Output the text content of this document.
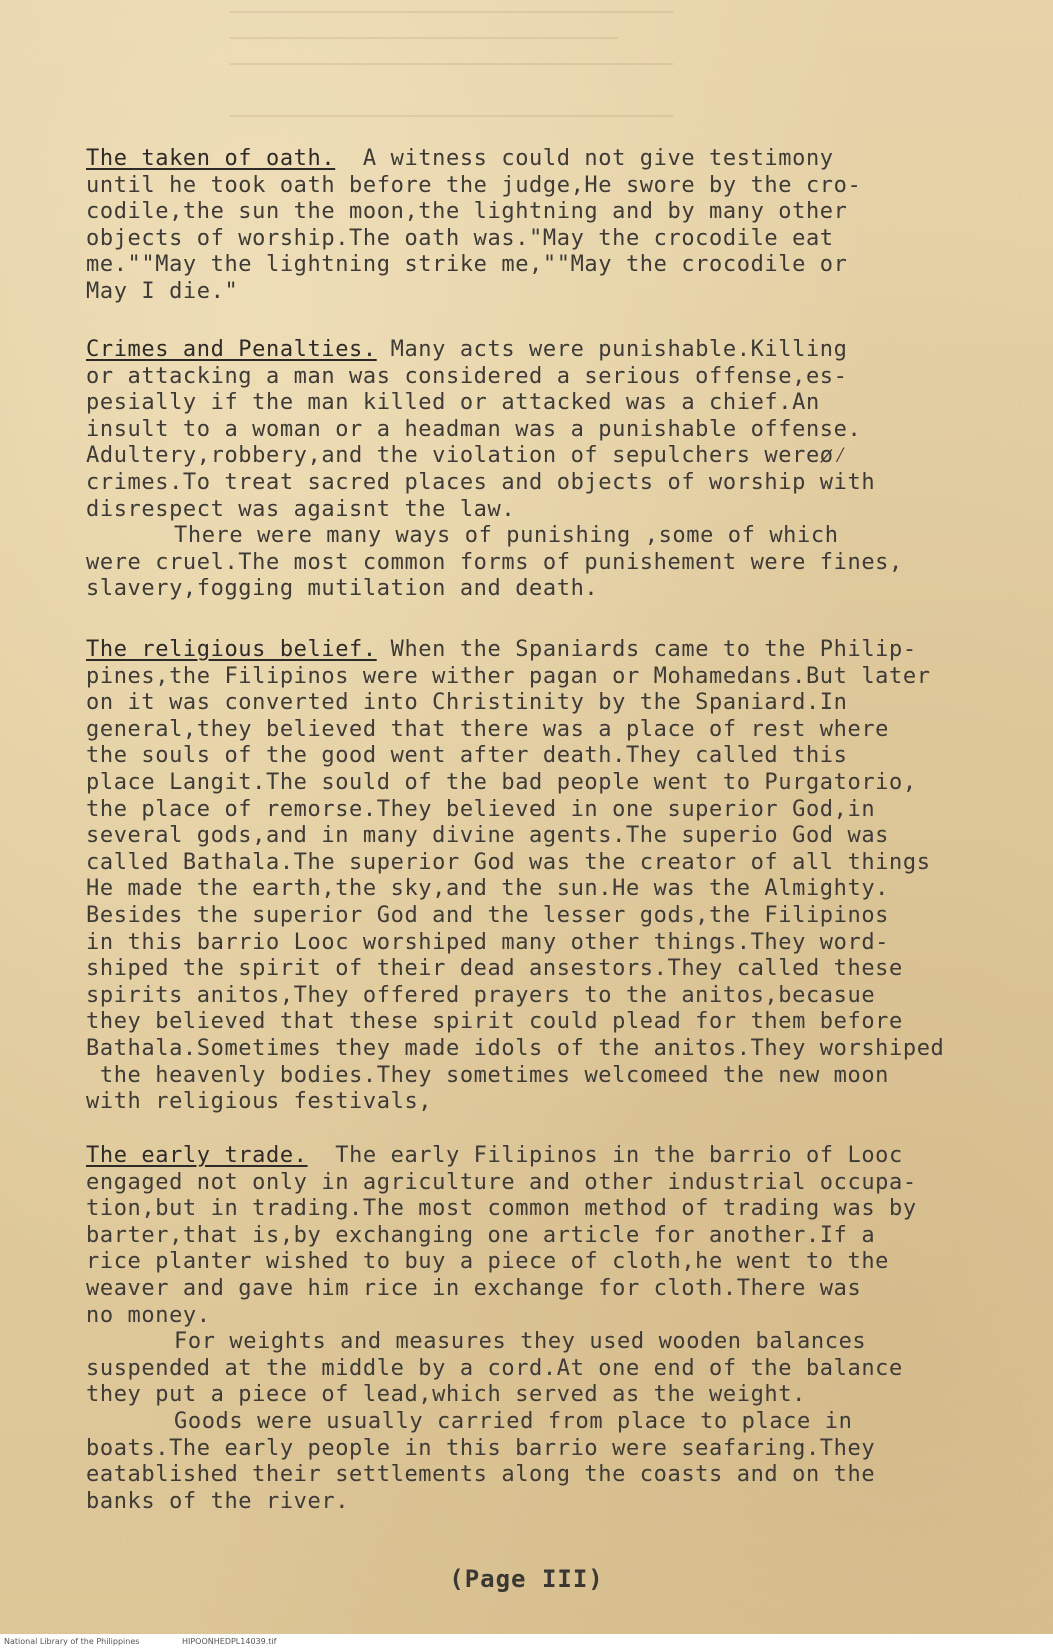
────────────────────────────────
────────────────────────────
────────────────────────────────

────────────────────────────────
The taken of oath.  A witness could not give testimony
until he took oath before the judge,He swore by the cro-
codile,the sun the moon,the lightning and by many other
objects of worship.The oath was."May the crocodile eat
me.""May the lightning strike me,""May the crocodile or
May I die."
Crimes and Penalties. Many acts were punishable.Killing
or attacking a man was considered a serious offense,es-
pesially if the man killed or attacked was a chief.An
insult to a woman or a headman was a punishable offense.
Adultery,robbery,and the violation of sepulchers wereø⁄
crimes.To treat sacred places and objects of worship with
disrespect was agaisnt the law.
There were many ways of punishing ,some of which
were cruel.The most common forms of punishement were fines,
slavery,fogging mutilation and death.
The religious belief. When the Spaniards came to the Philip-
pines,the Filipinos were wither pagan or Mohamedans.But later
on it was converted into Christinity by the Spaniard.In
general,they believed that there was a place of rest where
the souls of the good went after death.They called this
place Langit.The sould of the bad people went to Purgatorio,
the place of remorse.They believed in one superior God,in
several gods,and in many divine agents.The superio God was
called Bathala.The superior God was the creator of all things
He made the earth,the sky,and the sun.He was the Almighty.
Besides the superior God and the lesser gods,the Filipinos
in this barrio Looc worshiped many other things.They word-
shiped the spirit of their dead ansestors.They called these
spirits anitos,They offered prayers to the anitos,becasue
they believed that these spirit could plead for them before
Bathala.Sometimes they made idols of the anitos.They worshiped
the heavenly bodies.They sometimes welcomeed the new moon
with religious festivals,
The early trade.  The early Filipinos in the barrio of Looc
engaged not only in agriculture and other industrial occupa-
tion,but in trading.The most common method of trading was by
barter,that is,by exchanging one article for another.If a
rice planter wished to buy a piece of cloth,he went to the
weaver and gave him rice in exchange for cloth.There was
no money.
For weights and measures they used wooden balances
suspended at the middle by a cord.At one end of the balance
they put a piece of lead,which served as the weight.
Goods were usually carried from place to place in
boats.The early people in this barrio were seafaring.They
eatablished their settlements along the coasts and on the
banks of the river.
(Page III)
National Library of the Philippines	HIPOONHEDPL14039.tif
